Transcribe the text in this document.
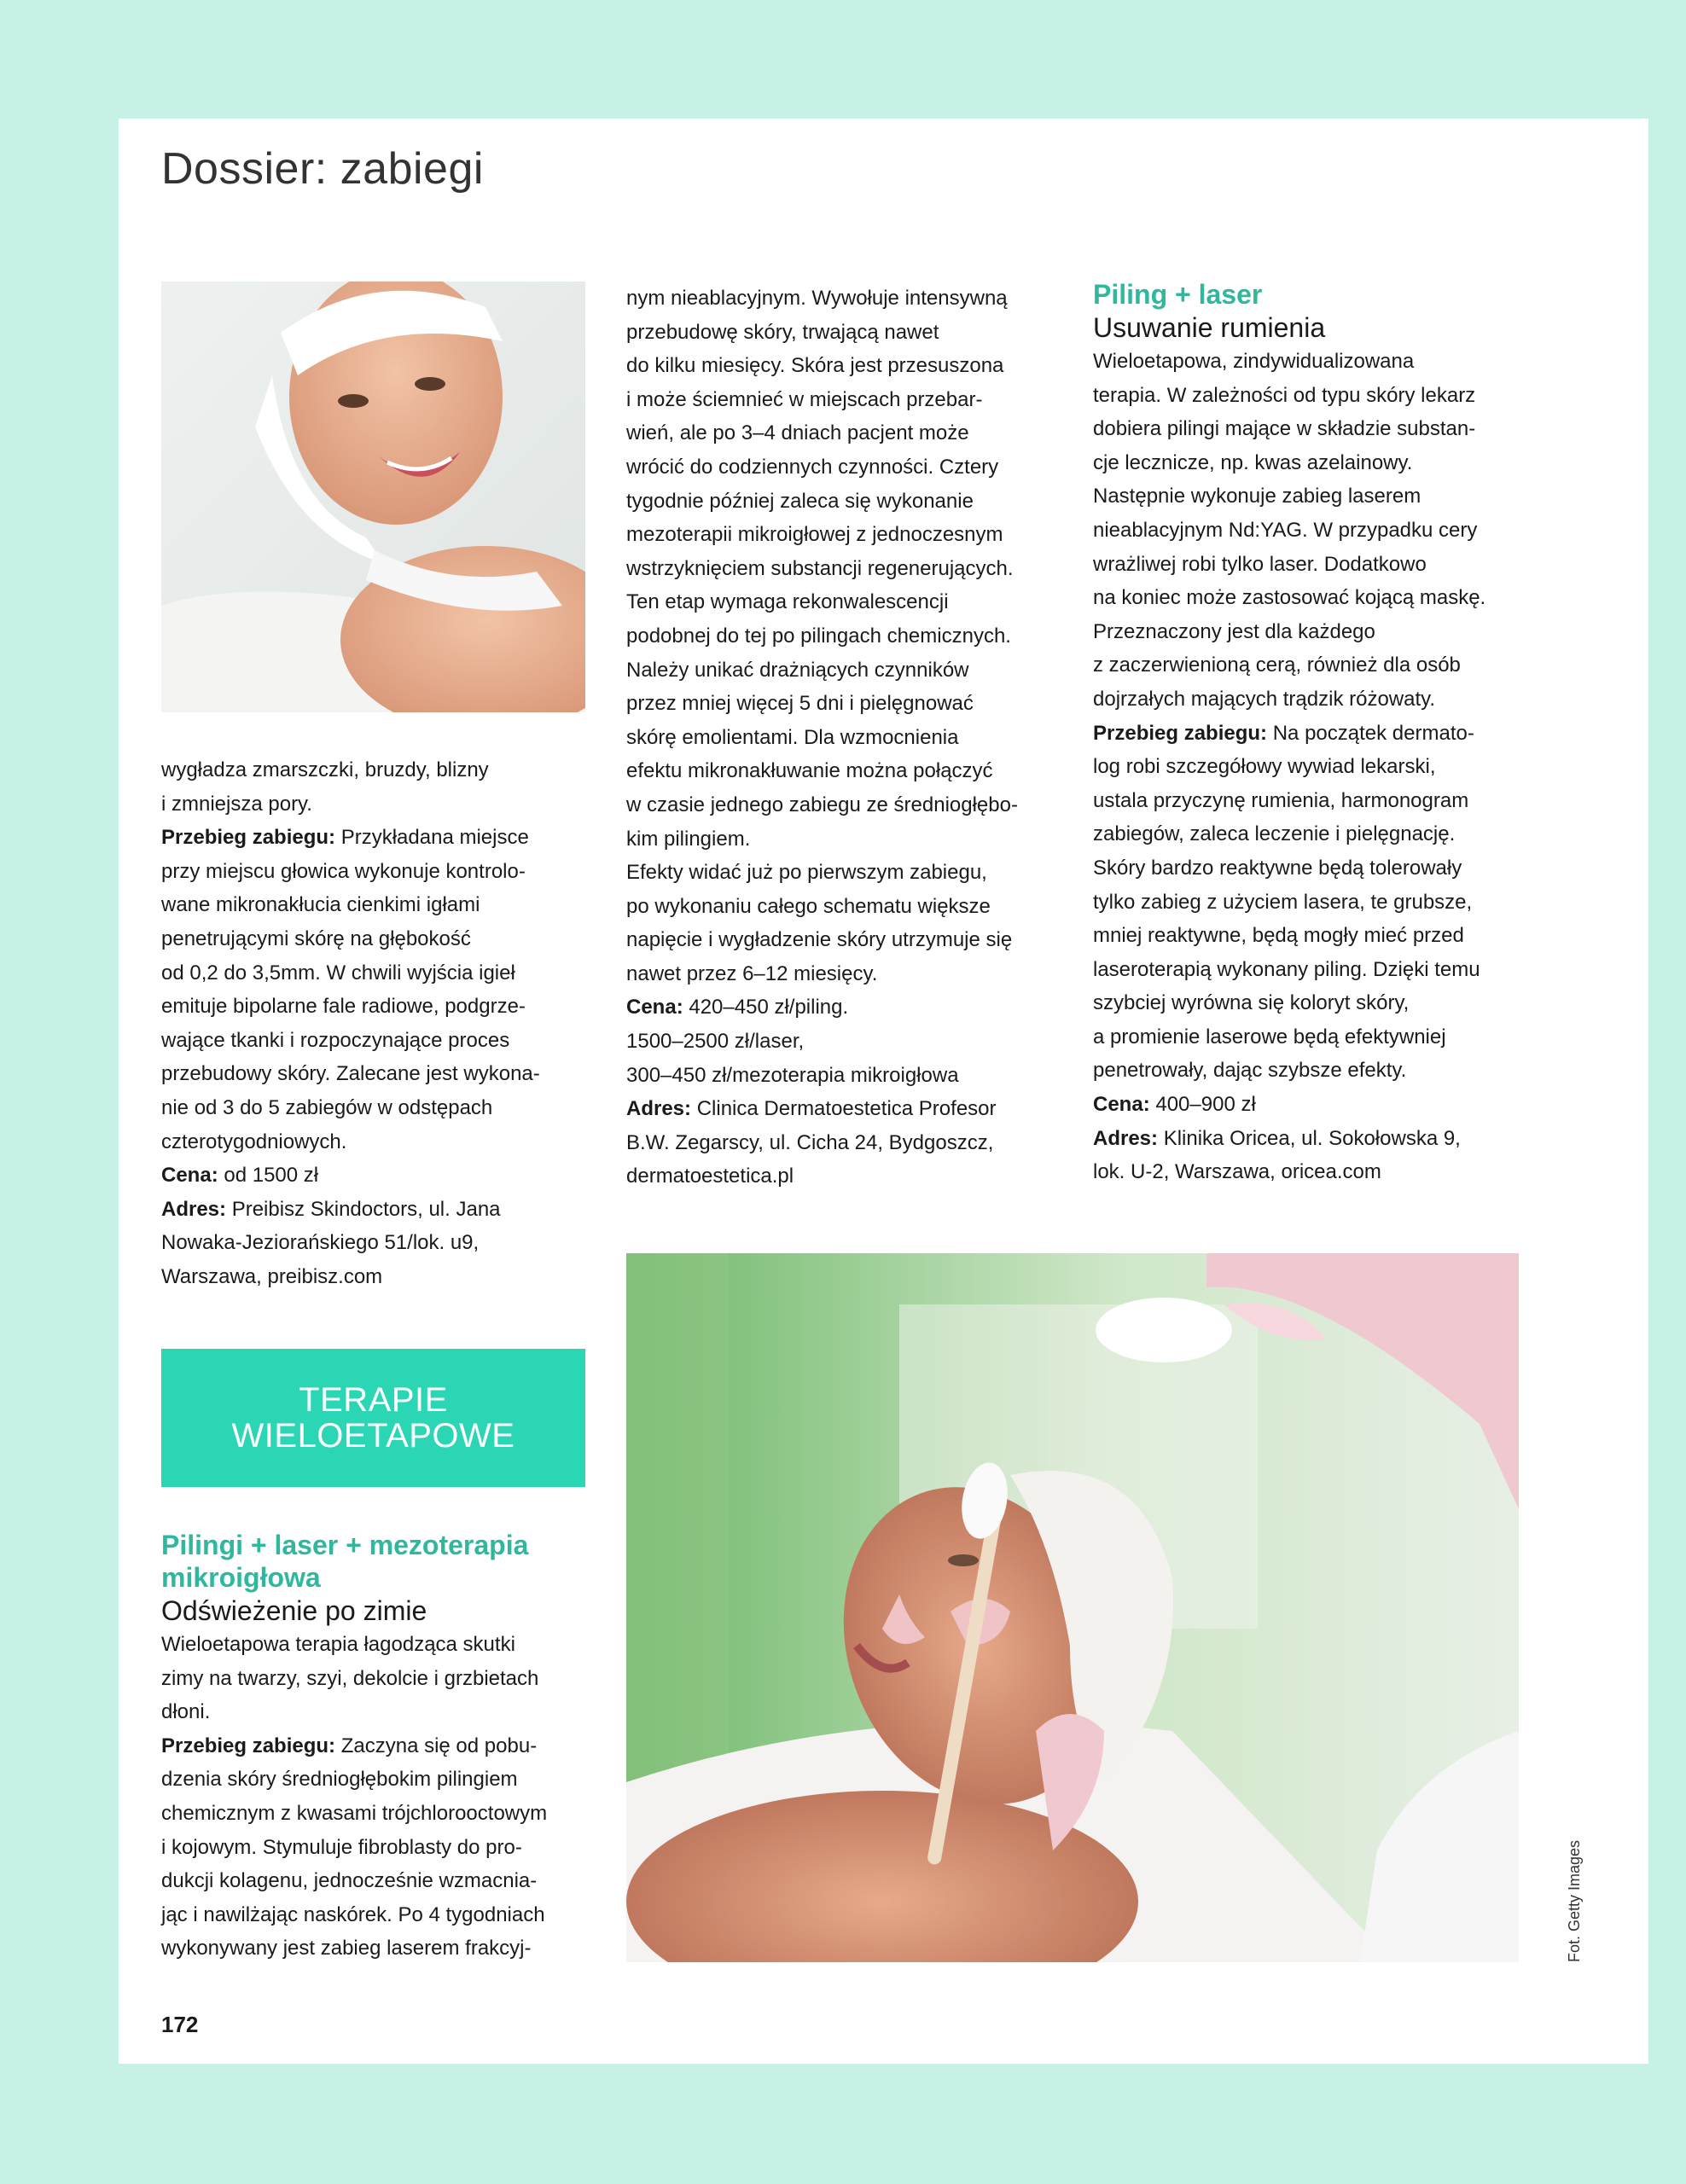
Dossier: zabiegi

wygładza zmarszczki, bruzdy, blizny

i zmniejsza pory.

Przebieg zabiegu: Przykładana miejsce

przy miejscu głowica wykonuje kontrolo-

wane mikronakłucia cienkimi igłami

penetrującymi skórę na głębokość

od 0,2 do 3,5mm. W chwili wyjścia igieł

emituje bipolarne fale radiowe, podgrze-

wające tkanki i rozpoczynające proces

przebudowy skóry. Zalecane jest wykona-

nie od 3 do 5 zabiegów w odstępach

czterotygodniowych.

Cena: od 1500 zł

Adres: Preibisz Skindoctors, ul. Jana

Nowaka-Jeziorańskiego 51/lok. u9,

Warszawa, preibisz.com

TERAPIE
WIELOETAPOWE

Pilingi + laser + mezoterapia

mikroigłowa

Odświeżenie po zimie

Wieloetapowa terapia łagodząca skutki

zimy na twarzy, szyi, dekolcie i grzbietach

dłoni.

Przebieg zabiegu: Zaczyna się od pobu-

dzenia skóry średniogłębokim pilingiem

chemicznym z kwasami trójchlorooctowym

i kojowym. Stymuluje fibroblasty do pro-

dukcji kolagenu, jednocześnie wzmacnia-

jąc i nawilżając naskórek. Po 4 tygodniach

wykonywany jest zabieg laserem frakcyj-

nym nieablacyjnym. Wywołuje intensywną

przebudowę skóry, trwającą nawet

do kilku miesięcy. Skóra jest przesuszona

i może ściemnieć w miejscach przebar-

wień, ale po 3–4 dniach pacjent może

wrócić do codziennych czynności. Cztery

tygodnie później zaleca się wykonanie

mezoterapii mikroigłowej z jednoczesnym

wstrzyknięciem substancji regenerujących.

Ten etap wymaga rekonwalescencji

podobnej do tej po pilingach chemicznych.

Należy unikać drażniących czynników

przez mniej więcej 5 dni i pielęgnować

skórę emolientami. Dla wzmocnienia

efektu mikronakłuwanie można połączyć

w czasie jednego zabiegu ze średniogłębo-

kim pilingiem.

Efekty widać już po pierwszym zabiegu,

po wykonaniu całego schematu większe

napięcie i wygładzenie skóry utrzymuje się

nawet przez 6–12 miesięcy.

Cena: 420–450 zł/piling.

1500–2500 zł/laser,

300–450 zł/mezoterapia mikroigłowa

Adres: Clinica Dermatoestetica Profesor

B.W. Zegarscy, ul. Cicha 24, Bydgoszcz,

dermatoestetica.pl

Piling + laser

Usuwanie rumienia

Wieloetapowa, zindywidualizowana

terapia. W zależności od typu skóry lekarz

dobiera pilingi mające w składzie substan-

cje lecznicze, np. kwas azelainowy.

Następnie wykonuje zabieg laserem

nieablacyjnym Nd:YAG. W przypadku cery

wrażliwej robi tylko laser. Dodatkowo

na koniec może zastosować kojącą maskę.

Przeznaczony jest dla każdego

z zaczerwienioną cerą, również dla osób

dojrzałych mających trądzik różowaty.

Przebieg zabiegu: Na początek dermato-

log robi szczegółowy wywiad lekarski,

ustala przyczynę rumienia, harmonogram

zabiegów, zaleca leczenie i pielęgnację.

Skóry bardzo reaktywne będą tolerowały

tylko zabieg z użyciem lasera, te grubsze,

mniej reaktywne, będą mogły mieć przed

laseroterapią wykonany piling. Dzięki temu

szybciej wyrówna się koloryt skóry,

a promienie laserowe będą efektywniej

penetrowały, dając szybsze efekty.

Cena: 400–900 zł

Adres: Klinika Oricea, ul. Sokołowska 9,

lok. U-2, Warszawa, oricea.com

172
Fot. Getty Images
